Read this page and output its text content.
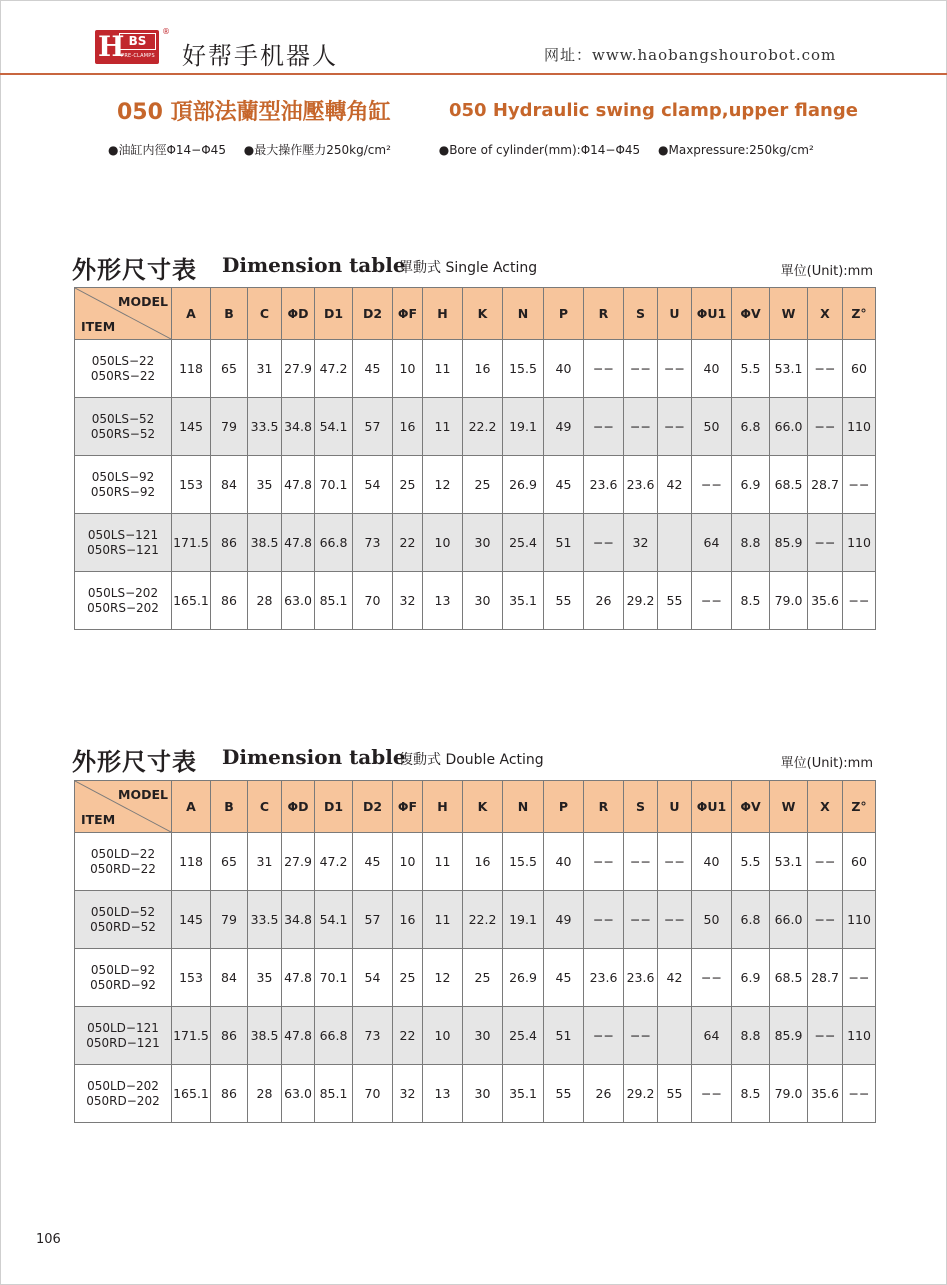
H BS
PRE-CLAMPS
®
好帮手机器人	网址：www.haobangshourobot.com
050 頂部法蘭型油壓轉角缸	050 Hydraulic swing clamp,upper flange
●油缸内徑Φ14−Φ45 ●最大操作壓力250kg/cm²	●Bore of cylinder(mm):Φ14−Φ45 ●Maxpressure:250kg/cm²
外形尺寸表 Dimension table
單動式 Single Acting	單位(Unit):mm
MODEL
ITEM	A	B	C	ΦD	D1	D2	ΦF	H	K	N	P	R	S	U	ΦU1	ΦV	W	X	Z°

050LS−22
050RS−22	118	65	31	27.9	47.2	45	10	11	16	15.5	40	−−	−−	−−	40	5.5	53.1	−−	60

050LS−52
050RS−52	145	79	33.5	34.8	54.1	57	16	11	22.2	19.1	49	−−	−−	−−	50	6.8	66.0	−−	110

050LS−92
050RS−92	153	84	35	47.8	70.1	54	25	12	25	26.9	45	23.6	23.6	42	−−	6.9	68.5	28.7	−−

050LS−121
050RS−121	171.5	86	38.5	47.8	66.8	73	22	10	30	25.4	51	−−	32		64	8.8	85.9	−−	110

050LS−202
050RS−202	165.1	86	28	63.0	85.1	70	32	13	30	35.1	55	26	29.2	55	−−	8.5	79.0	35.6	−−
外形尺寸表 Dimension table
復動式 Double Acting	單位(Unit):mm
MODEL
ITEM	A	B	C	ΦD	D1	D2	ΦF	H	K	N	P	R	S	U	ΦU1	ΦV	W	X	Z°

050LD−22
050RD−22	118	65	31	27.9	47.2	45	10	11	16	15.5	40	−−	−−	−−	40	5.5	53.1	−−	60

050LD−52
050RD−52	145	79	33.5	34.8	54.1	57	16	11	22.2	19.1	49	−−	−−	−−	50	6.8	66.0	−−	110

050LD−92
050RD−92	153	84	35	47.8	70.1	54	25	12	25	26.9	45	23.6	23.6	42	−−	6.9	68.5	28.7	−−

050LD−121
050RD−121	171.5	86	38.5	47.8	66.8	73	22	10	30	25.4	51	−−	−−		64	8.8	85.9	−−	110

050LD−202
050RD−202	165.1	86	28	63.0	85.1	70	32	13	30	35.1	55	26	29.2	55	−−	8.5	79.0	35.6	−−
106
